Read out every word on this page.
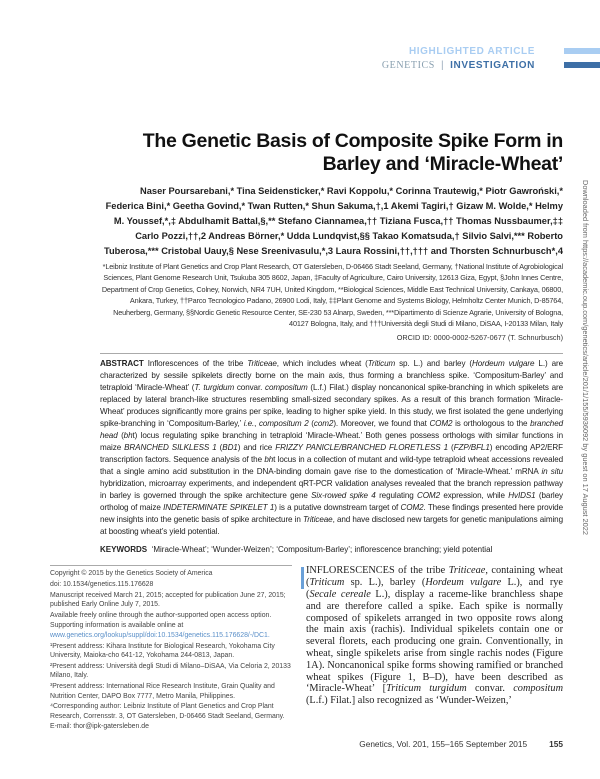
HIGHLIGHTED ARTICLE
GENETICS | INVESTIGATION
The Genetic Basis of Composite Spike Form in Barley and ‘Miracle-Wheat’
Naser Poursarebani,* Tina Seidensticker,* Ravi Koppolu,* Corinna Trautewig,* Piotr Gawroński,* Federica Bini,* Geetha Govind,* Twan Rutten,* Shun Sakuma,†,1 Akemi Tagiri,† Gizaw M. Wolde,* Helmy M. Youssef,*,‡ Abdulhamit Battal,§,** Stefano Ciannamea,†† Tiziana Fusca,†† Thomas Nussbaumer,‡‡ Carlo Pozzi,††,2 Andreas Börner,* Udda Lundqvist,§§ Takao Komatsuda,† Silvio Salvi,*** Roberto Tuberosa,*** Cristobal Uauy,§ Nese Sreenivasulu,*,3 Laura Rossini,††,††† and Thorsten Schnurbusch*,4
*Leibniz Institute of Plant Genetics and Crop Plant Research, OT Gatersleben, D-06466 Stadt Seeland, Germany, †National Institute of Agrobiological Sciences, Plant Genome Research Unit, Tsukuba 305 8602, Japan, ‡Faculty of Agriculture, Cairo University, 12613 Giza, Egypt, §John Innes Centre, Department of Crop Genetics, Colney, Norwich, NR4 7UH, United Kingdom, **Biological Sciences, Middle East Technical University, Cankaya, 06800, Ankara, Turkey, ††Parco Tecnologico Padano, 26900 Lodi, Italy, ‡‡Plant Genome and Systems Biology, Helmholtz Center Munich, D-85764, Neuherberg, Germany, §§Nordic Genetic Resource Center, SE-230 53 Alnarp, Sweden, ***Dipartimento di Scienze Agrarie, University of Bologna, 40127 Bologna, Italy, and †††Università degli Studi di Milano, DiSAA, I-20133 Milan, Italy
ORCID ID: 0000-0002-5267-0677 (T. Schnurbusch)
ABSTRACT Inflorescences of the tribe Triticeae, which includes wheat (Triticum sp. L.) and barley (Hordeum vulgare L.) are characterized by sessile spikelets directly borne on the main axis, thus forming a branchless spike. ‘Compositum-Barley’ and tetraploid ‘Miracle-Wheat’ (T. turgidum convar. compositum (L.f.) Filat.) display noncanonical spike-branching in which spikelets are replaced by lateral branch-like structures resembling small-sized secondary spikes. As a result of this branch formation ‘Miracle-Wheat’ produces significantly more grains per spike, leading to higher spike yield. In this study, we first isolated the gene underlying spike-branching in ‘Compositum-Barley,’ i.e., compositum 2 (com2). Moreover, we found that COM2 is orthologous to the branched head (bht) locus regulating spike branching in tetraploid ‘Miracle-Wheat.’ Both genes possess orthologs with similar functions in maize BRANCHED SILKLESS 1 (BD1) and rice FRIZZY PANICLE/BRANCHED FLORETLESS 1 (FZP/BFL1) encoding AP2/ERF transcription factors. Sequence analysis of the bht locus in a collection of mutant and wild-type tetraploid wheat accessions revealed that a single amino acid substitution in the DNA-binding domain gave rise to the domestication of ‘Miracle-Wheat.’ mRNA in situ hybridization, microarray experiments, and independent qRT-PCR validation analyses revealed that the branch repression pathway in barley is governed through the spike architecture gene Six-rowed spike 4 regulating COM2 expression, while HvIDS1 (barley ortholog of maize INDETERMINATE SPIKELET 1) is a putative downstream target of COM2. These findings presented here provide new insights into the genetic basis of spike architecture in Triticeae, and have disclosed new targets for genetic manipulations aiming at boosting wheat’s yield potential.
KEYWORDS ‘Miracle-Wheat’; ‘Wunder-Weizen’; ‘Compositum-Barley’; inflorescence branching; yield potential

Copyright © 2015 by the Genetics Society of America

doi: 10.1534/genetics.115.176628

Manuscript received March 21, 2015; accepted for publication June 27, 2015; published Early Online July 7, 2015.

Available freely online through the author-supported open access option.

Supporting information is available online at www.genetics.org/lookup/suppl/doi:10.1534/genetics.115.176628/-/DC1.

¹Present address: Kihara Institute for Biological Research, Yokohama City University, Maioka-cho 641-12, Yokohama 244-0813, Japan.

²Present address: Università degli Studi di Milano–DiSAA, Via Celoria 2, 20133 Milano, Italy.

³Present address: International Rice Research Institute, Grain Quality and Nutrition Center, DAPO Box 7777, Metro Manila, Philippines.

⁴Corresponding author: Leibniz Institute of Plant Genetics and Crop Plant Research, Corrensstr. 3, OT Gatersleben, D-06466 Stadt Seeland, Germany.

E-mail: thor@ipk-gatersleben.de

INFLORESCENCES of the tribe Triticeae, containing wheat (Triticum sp. L.), barley (Hordeum vulgare L.), and rye (Secale cereale L.), display a raceme-like branchless shape and are therefore called a spike. Each spike is normally composed of spikelets arranged in two opposite rows along the main axis (rachis). Individual spikelets contain one or several florets, each producing one grain. Conventionally, in wheat, single spikelets arise from single rachis nodes (Figure 1A). Noncanonical spike forms showing ramified or branched wheat spikes (Figure 1, B–D), have been described as ‘Miracle-Wheat’ [Triticum turgidum convar. compositum (L.f.) Filat.] also recognized as ‘Wunder-Weizen,’
Genetics, Vol. 201, 155–165 September 2015	155
Downloaded from https://academic.oup.com/genetics/article/201/1/155/5936092 by guest on 17 August 2022
